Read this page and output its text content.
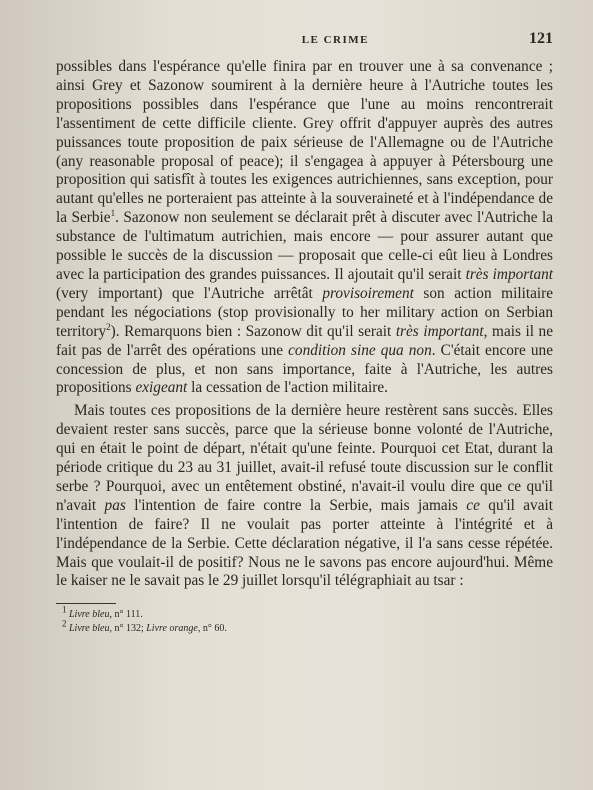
LE CRIME	121

possibles dans l'espérance qu'elle finira par en trouver une à sa convenance ; ainsi Grey et Sazonow soumirent à la dernière heure à l'Autriche toutes les propositions possibles dans l'espérance que l'une au moins rencontrerait l'assentiment de cette difficile cliente. Grey offrit d'appuyer auprès des autres puissances toute proposition de paix sérieuse de l'Allemagne ou de l'Autriche (any reasonable proposal of peace); il s'engagea à appuyer à Pétersbourg une proposition qui satisfît à toutes les exigences autrichiennes, sans exception, pour autant qu'elles ne porteraient pas atteinte à la souveraineté et à l'indépendance de la Serbie$^1$. Sazonow non seulement se déclarait prêt à discuter avec l'Autriche la substance de l'ultimatum autrichien, mais encore — pour assurer autant que possible le succès de la discussion — proposait que celle-ci eût lieu à Londres avec la participation des grandes puissances. Il ajoutait qu'il serait très important (very important) que l'Autriche arrêtât provisoirement son action militaire pendant les négociations (stop provisionally to her military action on Serbian territory$^2$). Remarquons bien : Sazonow dit qu'il serait très important, mais il ne fait pas de l'arrêt des opérations une condition sine qua non. C'était encore une concession de plus, et non sans importance, faite à l'Autriche, les autres propositions exigeant la cessation de l'action militaire.

Mais toutes ces propositions de la dernière heure restèrent sans succès. Elles devaient rester sans succès, parce que la sérieuse bonne volonté de l'Autriche, qui en était le point de départ, n'était qu'une feinte. Pourquoi cet Etat, durant la période critique du 23 au 31 juillet, avait-il refusé toute discussion sur le conflit serbe ? Pourquoi, avec un entêtement obstiné, n'avait-il voulu dire que ce qu'il n'avait pas l'intention de faire contre la Serbie, mais jamais ce qu'il avait l'intention de faire? Il ne voulait pas porter atteinte à l'intégrité et à l'indépendance de la Serbie. Cette déclaration négative, il l'a sans cesse répétée. Mais que voulait-il de positif? Nous ne le savons pas encore aujourd'hui. Même le kaiser ne le savait pas le 29 juillet lorsqu'il télégraphiait au tsar :

$^1$ Livre bleu, n° 111.
$^2$ Livre bleu, n° 132; Livre orange, n° 60.
